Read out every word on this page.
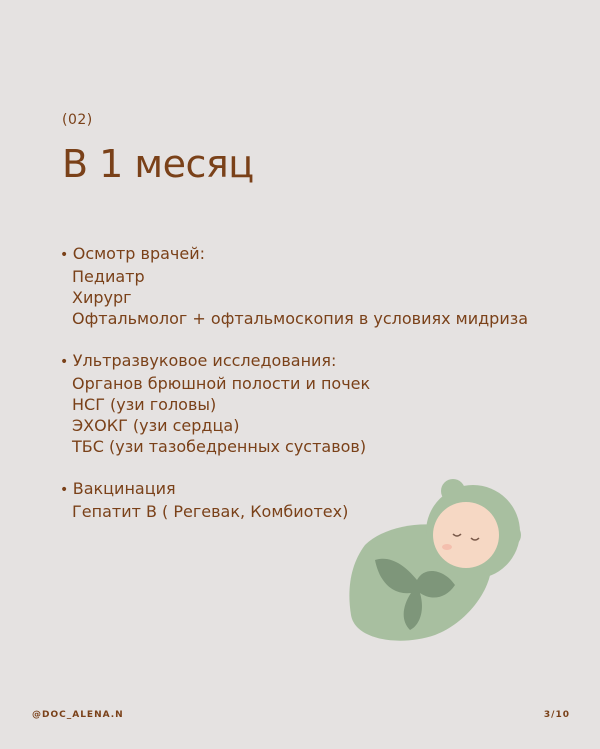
(02)
В 1 месяц
• Осмотр врачей:
Педиатр
Хирург
Офтальмолог + офтальмоскопия в условиях мидриза
• Ультразвуковое исследования:
Органов брюшной полости и почек
НСГ (узи головы)
ЭХОКГ (узи сердца)
ТБС (узи тазобедренных суставов)
• Вакцинация
Гепатит В ( Регевак, Комбиотех)
@DOC_ALENA.N	3/10
